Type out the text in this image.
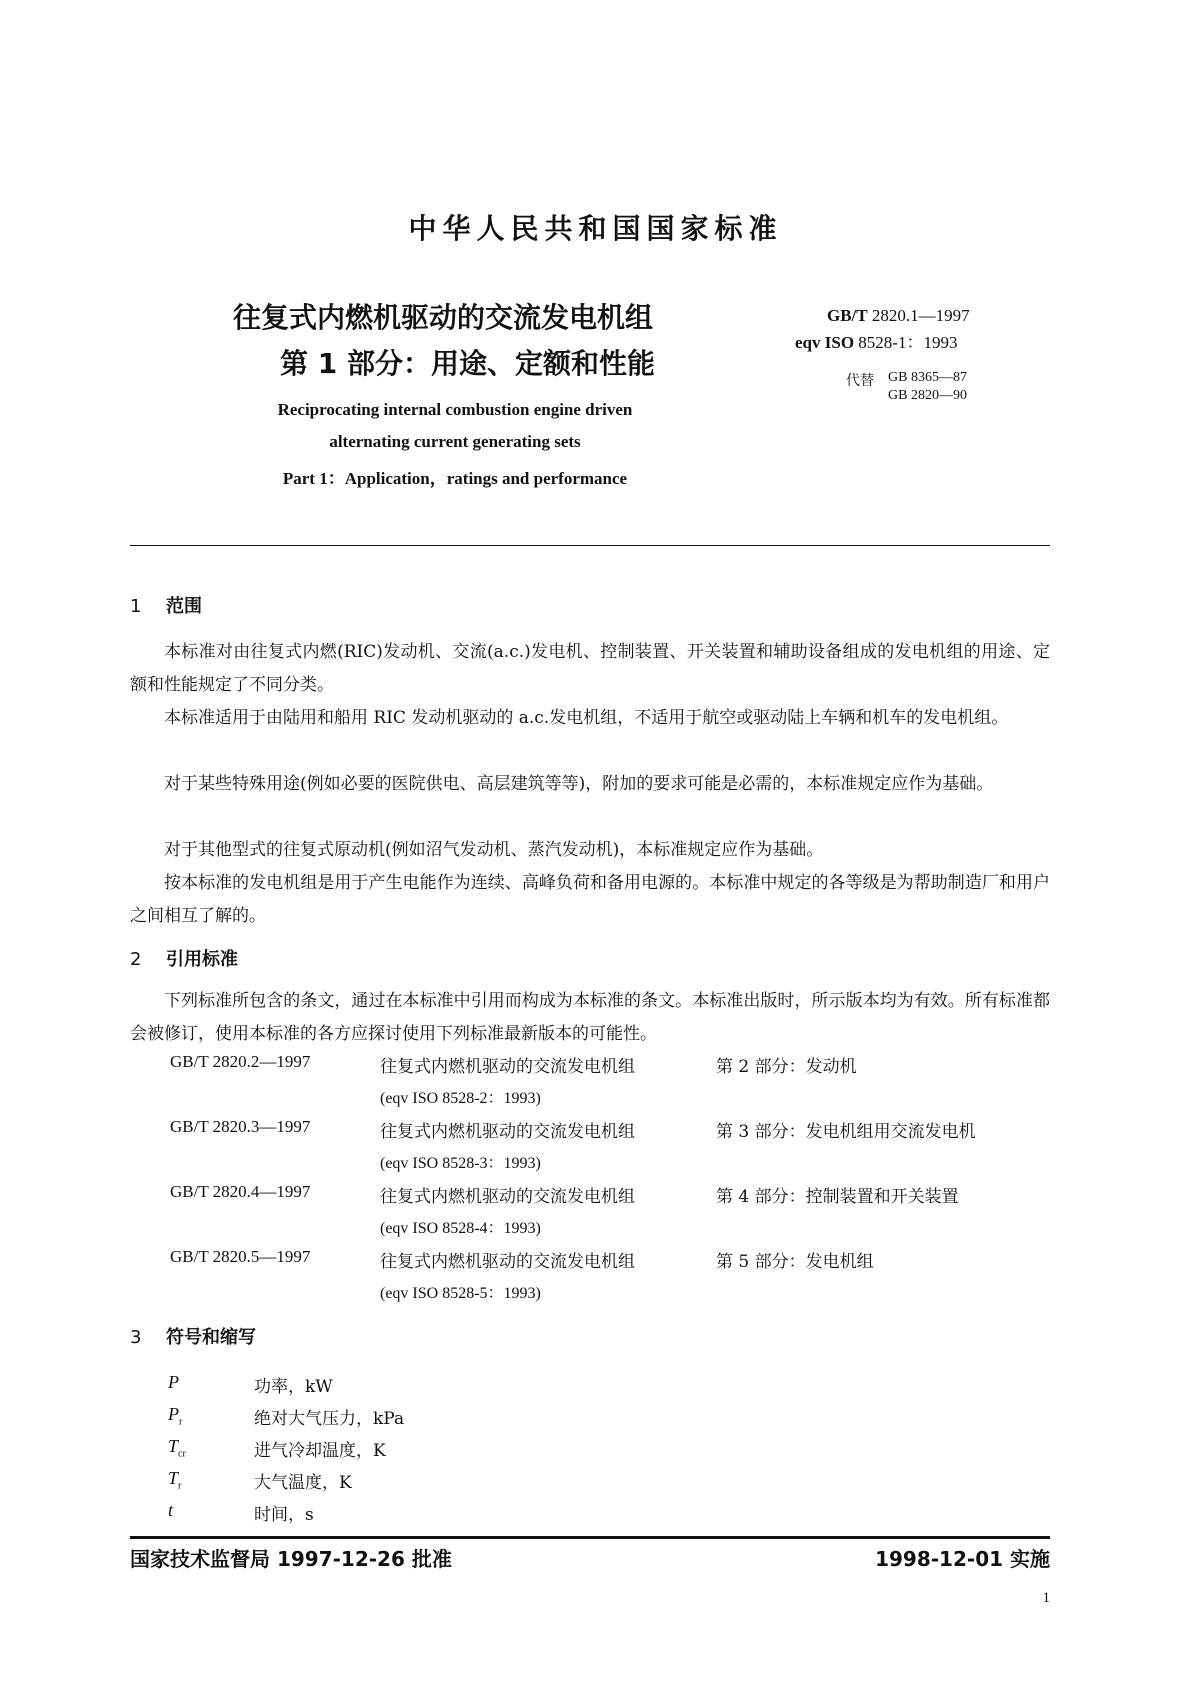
中华人民共和国国家标准
往复式内燃机驱动的交流发电机组
第 1 部分：用途、定额和性能
Reciprocating internal combustion engine driven
alternating current generating sets
Part 1：Application，ratings and performance
GB/T 2820.1—1997
eqv ISO 8528-1：1993
代替 GB 8365—87
GB 2820—90
1 范围
本标准对由往复式内燃(RIC)发动机、交流(a.c.)发电机、控制装置、开关装置和辅助设备组成的发电机组的用途、定额和性能规定了不同分类。
本标准适用于由陆用和船用 RIC 发动机驱动的 a.c.发电机组，不适用于航空或驱动陆上车辆和机车的发电机组。
对于某些特殊用途(例如必要的医院供电、高层建筑等等)，附加的要求可能是必需的，本标准规定应作为基础。
对于其他型式的往复式原动机(例如沼气发动机、蒸汽发动机)，本标准规定应作为基础。
按本标准的发电机组是用于产生电能作为连续、高峰负荷和备用电源的。本标准中规定的各等级是为帮助制造厂和用户之间相互了解的。
2 引用标准
下列标准所包含的条文，通过在本标准中引用而构成为本标准的条文。本标准出版时，所示版本均为有效。所有标准都会被修订，使用本标准的各方应探讨使用下列标准最新版本的可能性。
GB/T 2820.2—1997	往复式内燃机驱动的交流发电机组	第 2 部分：发动机
(eqv ISO 8528-2：1993)
GB/T 2820.3—1997	往复式内燃机驱动的交流发电机组	第 3 部分：发电机组用交流发电机
(eqv ISO 8528-3：1993)
GB/T 2820.4—1997	往复式内燃机驱动的交流发电机组	第 4 部分：控制装置和开关装置
(eqv ISO 8528-4：1993)
GB/T 2820.5—1997	往复式内燃机驱动的交流发电机组	第 5 部分：发电机组
(eqv ISO 8528-5：1993)
3 符号和缩写
P	功率，kW
$P_r$	绝对大气压力，kPa
$T_{cr}$	进气冷却温度，K
$T_r$	大气温度，K
t	时间，s
国家技术监督局 1997-12-26 批准	1998-12-01 实施
1
